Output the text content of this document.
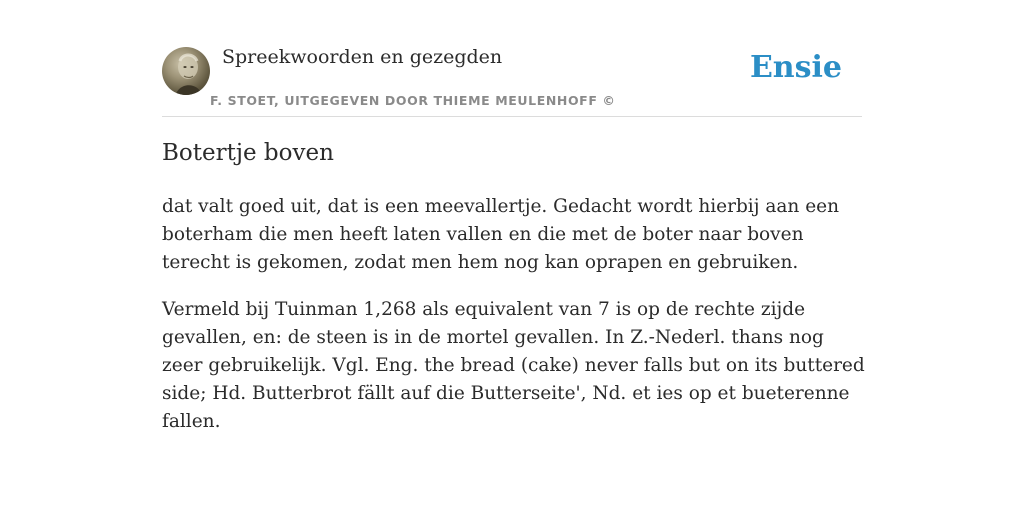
Spreekwoorden en gezegden
F. STOET, UITGEGEVEN DOOR THIEME MEULENHOFF ©
Ensie
Botertje boven

dat valt goed uit, dat is een meevallertje. Gedacht wordt hierbij aan een boterham die men heeft laten vallen en die met de boter naar boven terecht is gekomen, zodat men hem nog kan oprapen en gebruiken.

Vermeld bij Tuinman 1,268 als equivalent van 7 is op de rechte zijde gevallen, en: de steen is in de mortel gevallen. In Z.-Nederl. thans nog zeer gebruikelijk. Vgl. Eng. the bread (cake) never falls but on its buttered side; Hd. Butterbrot fällt auf die Butterseite', Nd. et ies op et bueterenne fallen.
